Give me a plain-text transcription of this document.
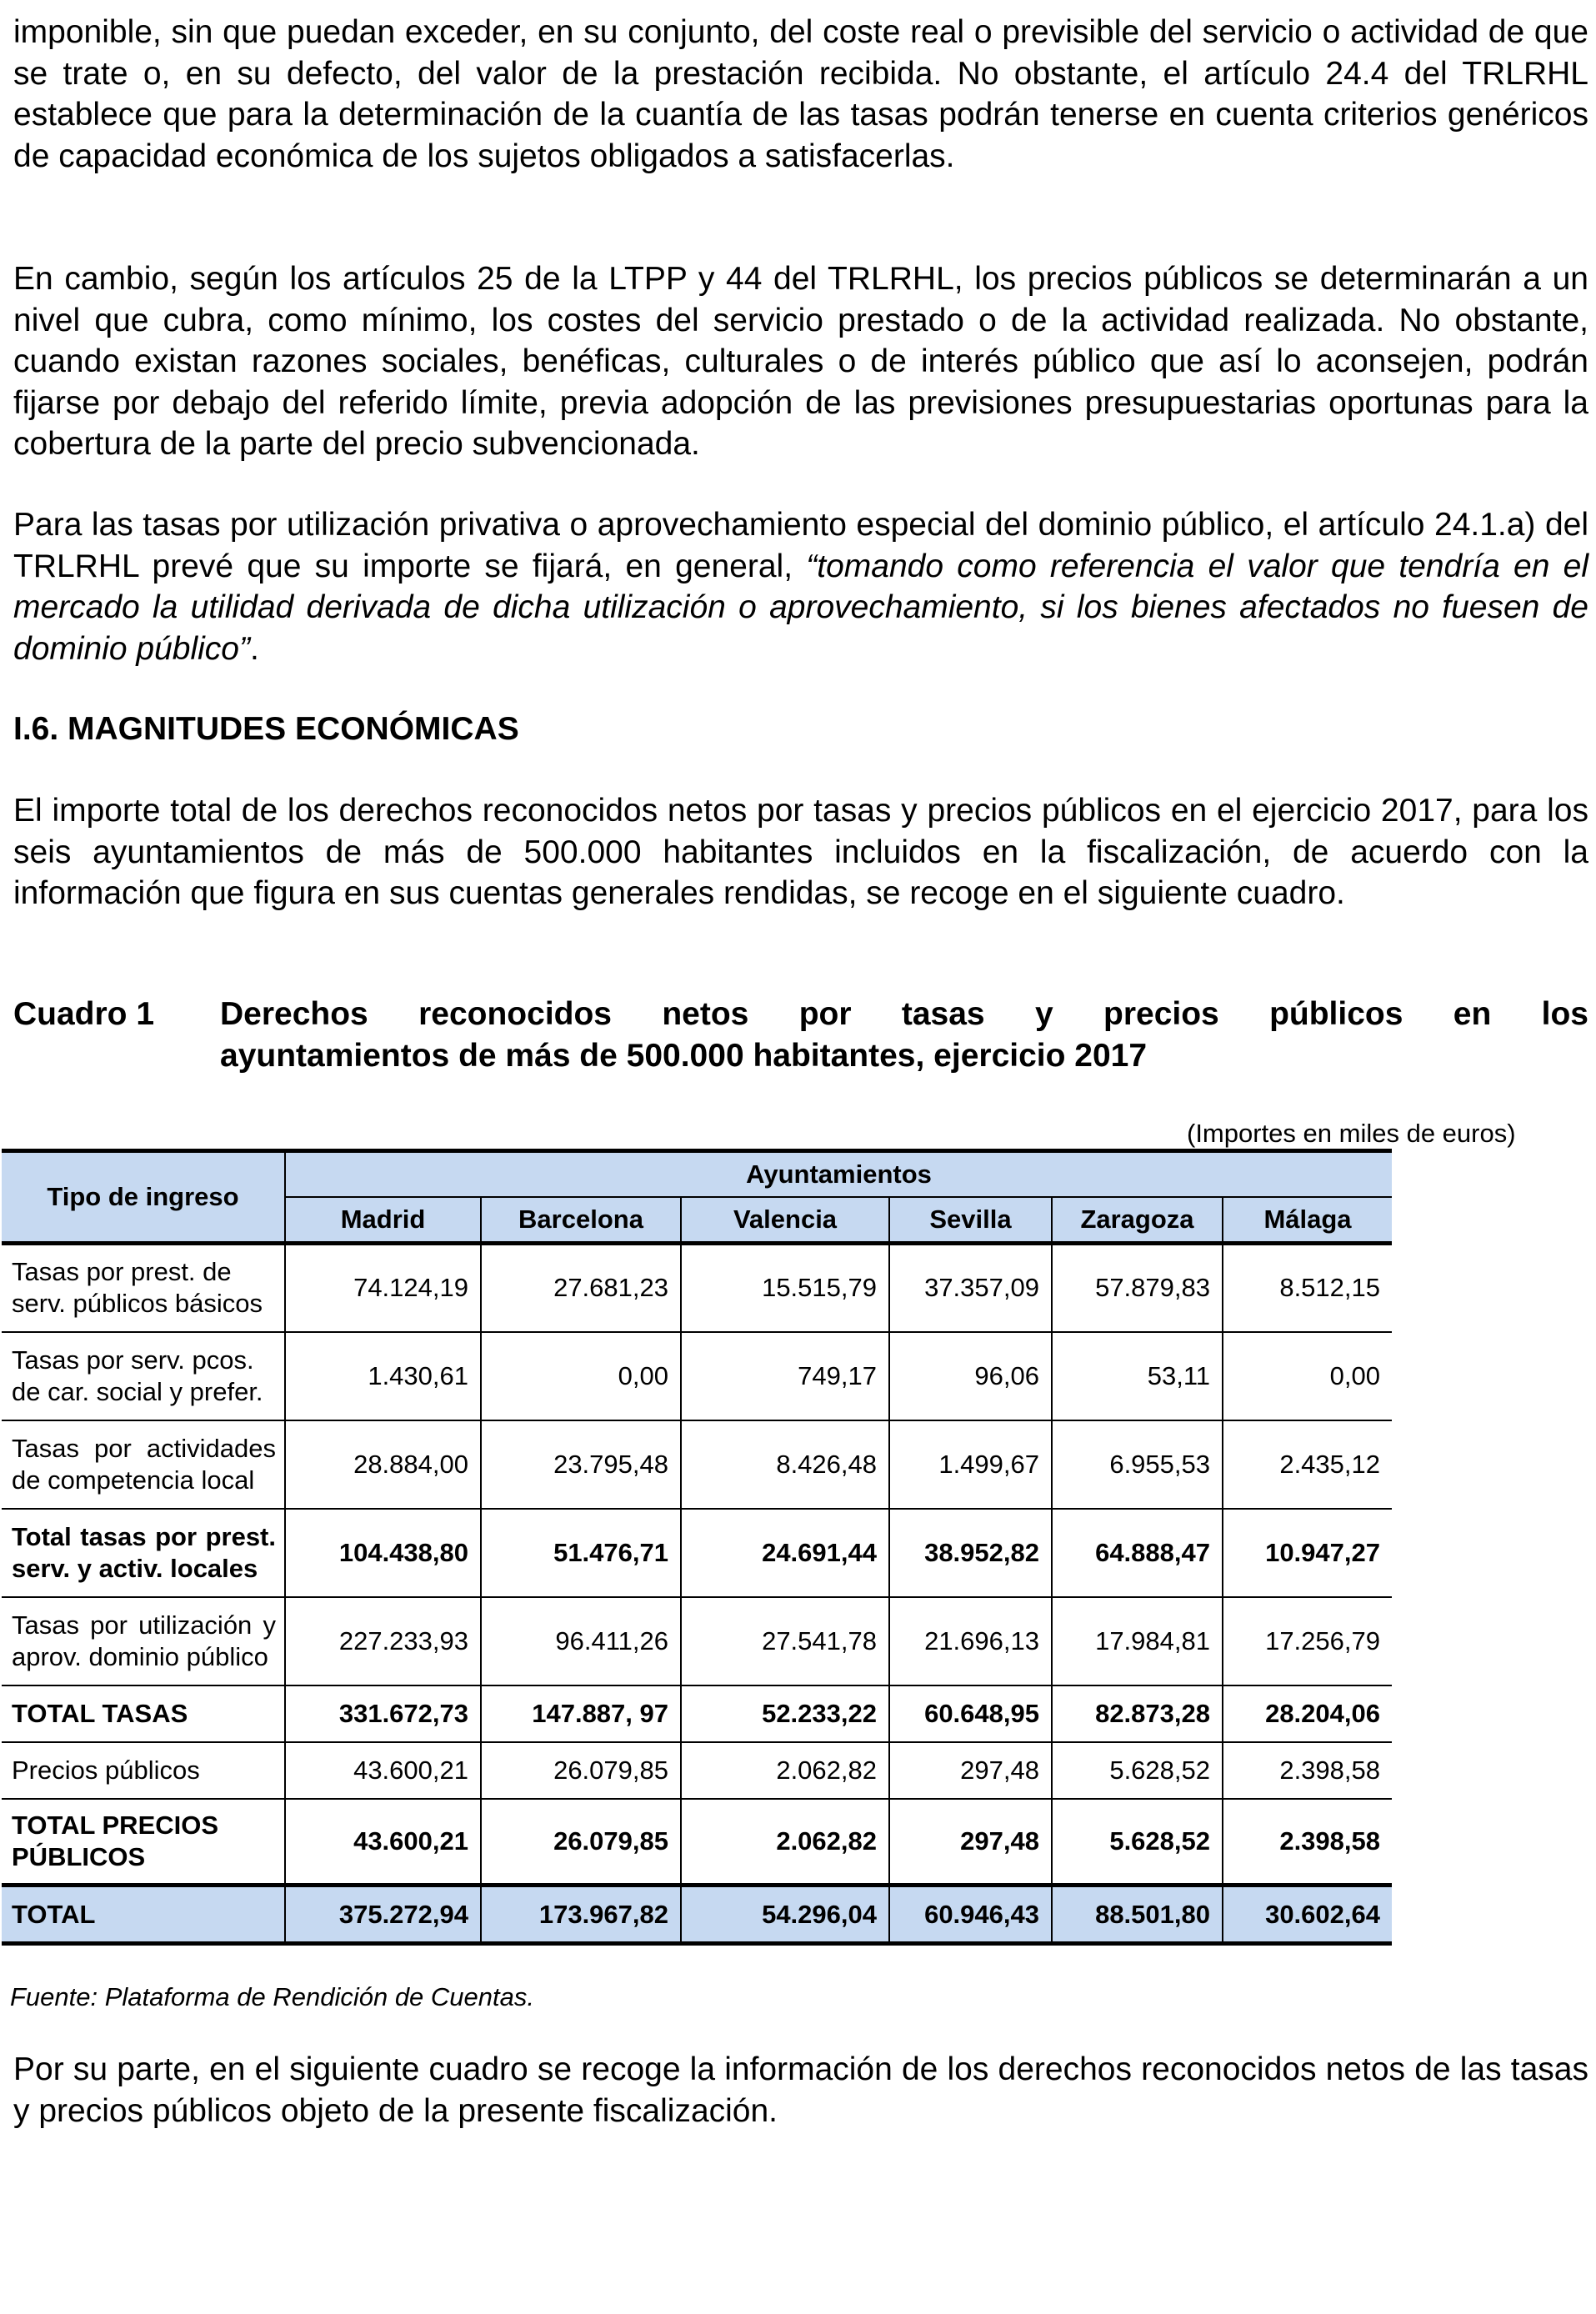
imponible, sin que puedan exceder, en su conjunto, del coste real o previsible del servicio o actividad de que se trate o, en su defecto, del valor de la prestación recibida. No obstante, el artículo 24.4 del TRLRHL establece que para la determinación de la cuantía de las tasas podrán tenerse en cuenta criterios genéricos de capacidad económica de los sujetos obligados a satisfacerlas.

En cambio, según los artículos 25 de la LTPP y 44 del TRLRHL, los precios públicos se determinarán a un nivel que cubra, como mínimo, los costes del servicio prestado o de la actividad realizada. No obstante, cuando existan razones sociales, benéficas, culturales o de interés público que así lo aconsejen, podrán fijarse por debajo del referido límite, previa adopción de las previsiones presupuestarias oportunas para la cobertura de la parte del precio subvencionada.

Para las tasas por utilización privativa o aprovechamiento especial del dominio público, el artículo 24.1.a) del TRLRHL prevé que su importe se fijará, en general, “tomando como referencia el valor que tendría en el mercado la utilidad derivada de dicha utilización o aprovechamiento, si los bienes afectados no fuesen de dominio público”.

I.6. MAGNITUDES ECONÓMICAS

El importe total de los derechos reconocidos netos por tasas y precios públicos en el ejercicio 2017, para los seis ayuntamientos de más de 500.000 habitantes incluidos en la fiscalización, de acuerdo con la información que figura en sus cuentas generales rendidas, se recoge en el siguiente cuadro.

Cuadro 1 Derechos reconocidos netos por tasas y precios públicos en los
ayuntamientos de más de 500.000 habitantes, ejercicio 2017
(Importes en miles de euros)
Tipo de ingreso	Ayuntamientos					
	Madrid	Barcelona	Valencia	Sevilla	Zaragoza	Málaga
Tasas por prest. de serv. públicos básicos	74.124,19	27.681,23	15.515,79	37.357,09	57.879,83	8.512,15
Tasas por serv. pcos. de car. social y prefer.	1.430,61	0,00	749,17	96,06	53,11	0,00
Tasas por actividades de competencia local	28.884,00	23.795,48	8.426,48	1.499,67	6.955,53	2.435,12
Total tasas por prest. serv. y activ. locales	104.438,80	51.476,71	24.691,44	38.952,82	64.888,47	10.947,27
Tasas por utilización y aprov. dominio público	227.233,93	96.411,26	27.541,78	21.696,13	17.984,81	17.256,79
TOTAL TASAS	331.672,73	147.887, 97	52.233,22	60.648,95	82.873,28	28.204,06
Precios públicos	43.600,21	26.079,85	2.062,82	297,48	5.628,52	2.398,58
TOTAL PRECIOS PÚBLICOS	43.600,21	26.079,85	2.062,82	297,48	5.628,52	2.398,58
TOTAL	375.272,94	173.967,82	54.296,04	60.946,43	88.501,80	30.602,64
Fuente: Plataforma de Rendición de Cuentas.

Por su parte, en el siguiente cuadro se recoge la información de los derechos reconocidos netos de las tasas y precios públicos objeto de la presente fiscalización.
